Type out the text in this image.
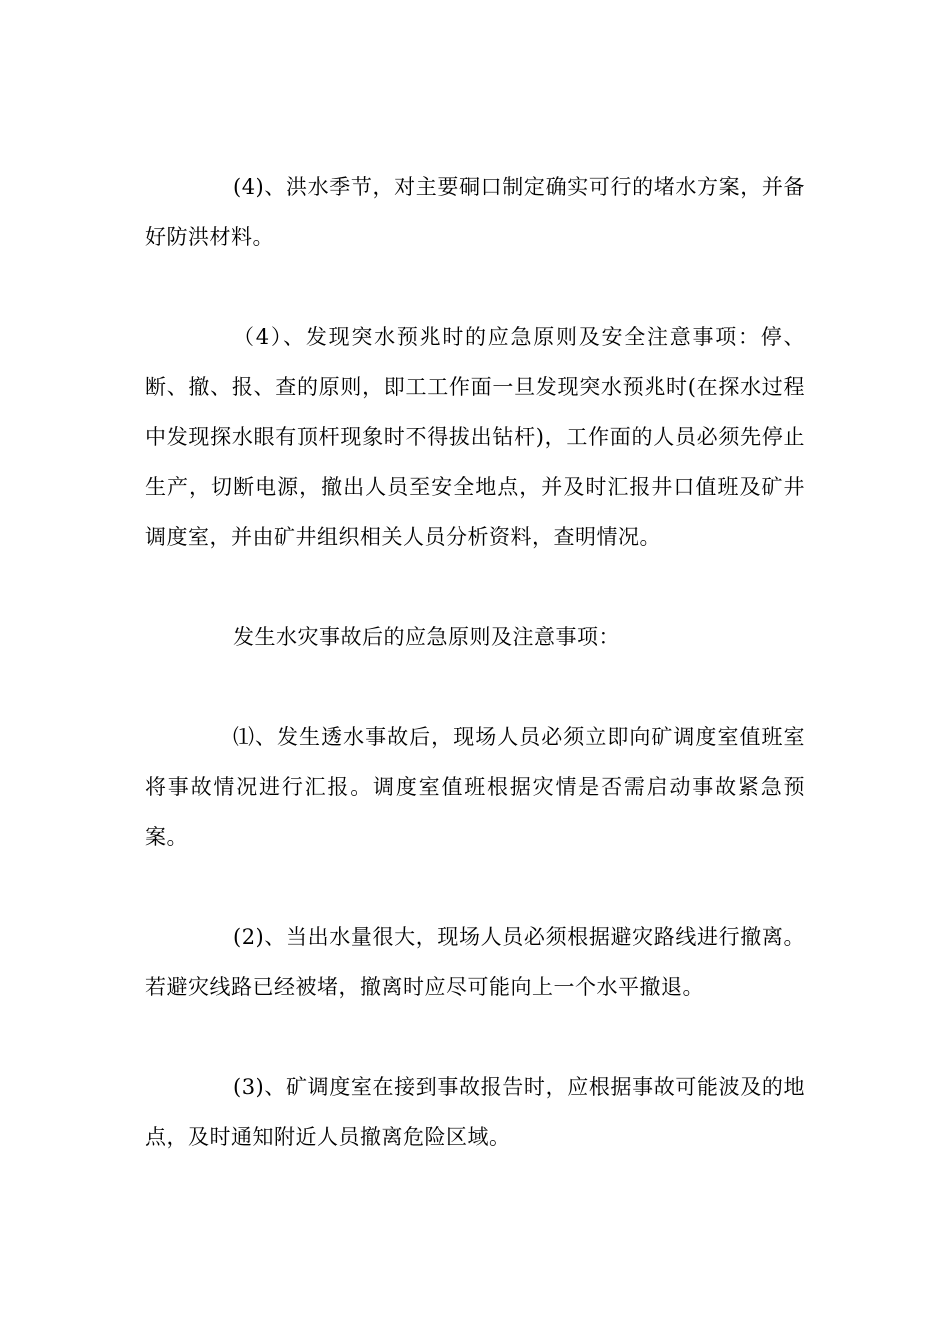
(4)、洪水季节，对主要硐口制定确实可行的堵水方案，并备好防洪材料。

（4）、发现突水预兆时的应急原则及安全注意事项：停、断、撤、报、查的原则，即工工作面一旦发现突水预兆时(在探水过程中发现探水眼有顶杆现象时不得拔出钻杆)，工作面的人员必须先停止生产，切断电源，撤出人员至安全地点，并及时汇报井口值班及矿井调度室，并由矿井组织相关人员分析资料，查明情况。

发生水灾事故后的应急原则及注意事项：

⑴、发生透水事故后，现场人员必须立即向矿调度室值班室将事故情况进行汇报。调度室值班根据灾情是否需启动事故紧急预案。

(2)、当出水量很大，现场人员必须根据避灾路线进行撤离。若避灾线路已经被堵，撤离时应尽可能向上一个水平撤退。

(3)、矿调度室在接到事故报告时，应根据事故可能波及的地点，及时通知附近人员撤离危险区域。
